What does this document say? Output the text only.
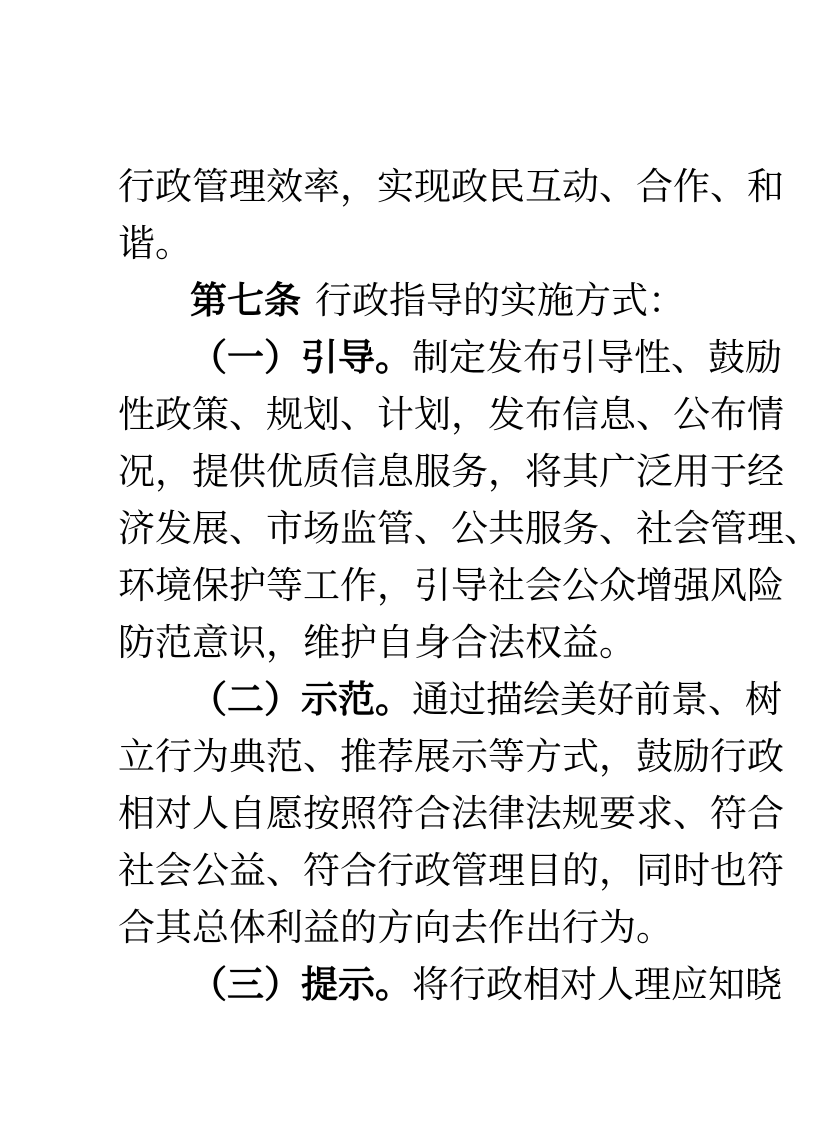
行政管理效率，实现政民互动、合作、和
谐。
第七条 行政指导的实施方式：
（一）引导。制定发布引导性、鼓励
性政策、规划、计划，发布信息、公布情
况，提供优质信息服务，将其广泛用于经
济发展、市场监管、公共服务、社会管理、
环境保护等工作，引导社会公众增强风险
防范意识，维护自身合法权益。
（二）示范。通过描绘美好前景、树
立行为典范、推荐展示等方式，鼓励行政
相对人自愿按照符合法律法规要求、符合
社会公益、符合行政管理目的，同时也符
合其总体利益的方向去作出行为。
（三）提示。将行政相对人理应知晓
